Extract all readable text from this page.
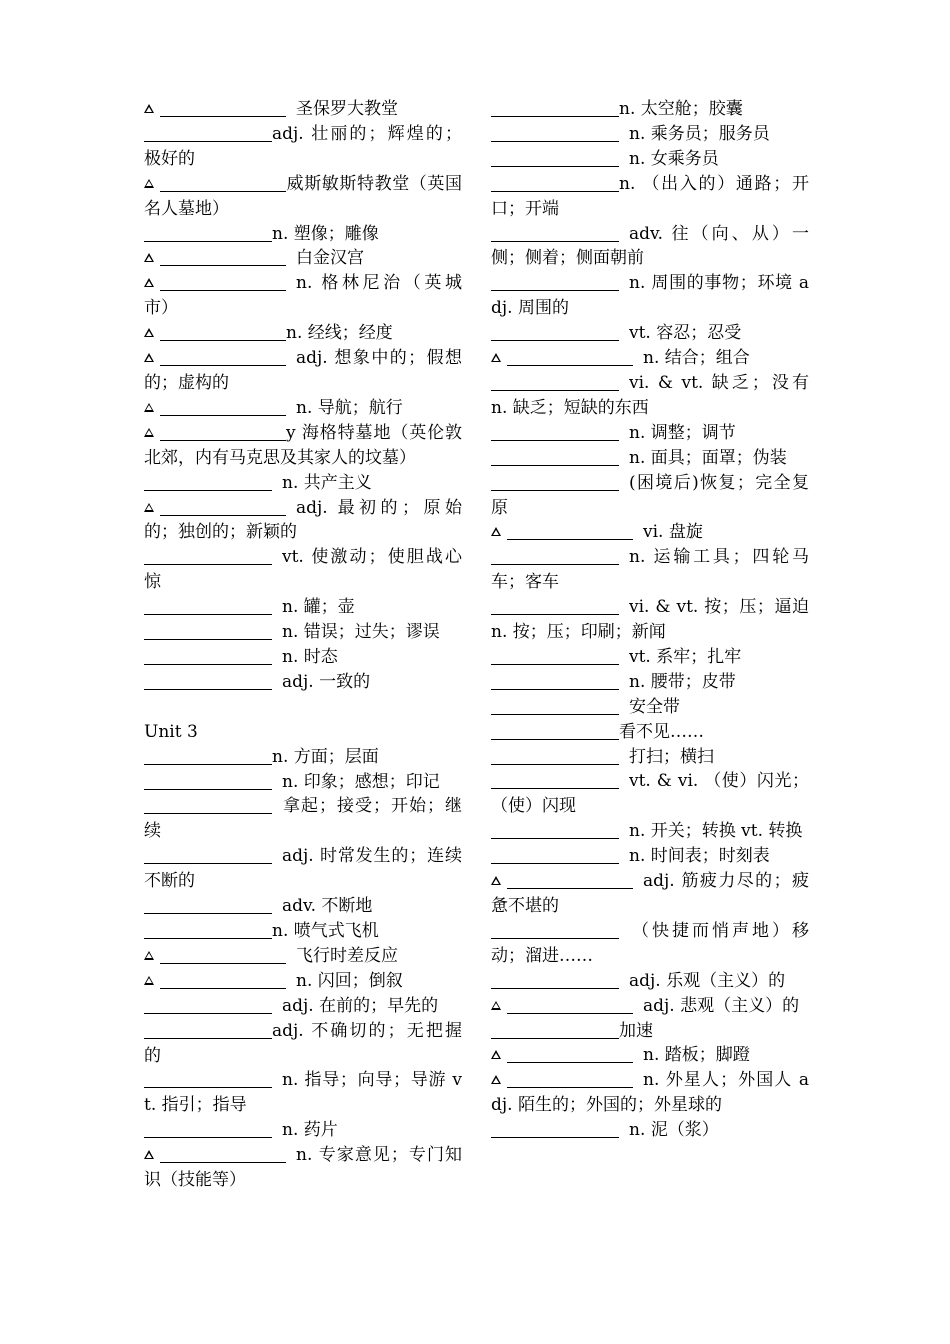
圣保罗大教堂
adj. 壮丽的；辉煌的；极好的
威斯敏斯特教堂（英国名人墓地）
n. 塑像；雕像
白金汉宫
n. 格林尼治（英城市）
n. 经线；经度
adj. 想象中的；假想的；虚构的
n. 导航；航行
y 海格特墓地（英伦敦北郊，内有马克思及其家人的坟墓）
n. 共产主义
adj. 最初的；原始的；独创的；新颖的
vt. 使激动；使胆战心惊
n. 罐；壶
n. 错误；过失；谬误
n. 时态
adj. 一致的
Unit 3
n. 方面；层面
n. 印象；感想；印记
拿起；接受；开始；继续
adj. 时常发生的；连续不断的
adv. 不断地
n. 喷气式飞机
飞行时差反应
n. 闪回；倒叙
adj. 在前的；早先的
adj. 不确切的；无把握的
n. 指导；向导；导游 vt. 指引；指导
n. 药片
n. 专家意见；专门知识（技能等）
n. 太空舱；胶囊
n. 乘务员；服务员
n. 女乘务员
n. （出入的）通路；开口；开端
adv. 往（向、从）一侧；侧着；侧面朝前
n. 周围的事物；环境 adj. 周围的
vt. 容忍；忍受
n. 结合；组合
vi. & vt. 缺乏；没有 n. 缺乏；短缺的东西
n. 调整；调节
n. 面具；面罩；伪装
(困境后)恢复；完全复原
vi. 盘旋
n. 运输工具；四轮马车；客车
vi. & vt. 按；压；逼迫 n. 按；压；印刷；新闻
vt. 系牢；扎牢
n. 腰带；皮带
安全带
看不见……
打扫；横扫
vt. & vi. （使）闪光；（使）闪现
n. 开关；转换 vt. 转换
n. 时间表；时刻表
adj. 筋疲力尽的；疲惫不堪的
（快捷而悄声地）移动；溜进……
adj. 乐观（主义）的
adj. 悲观（主义）的
加速
n. 踏板；脚蹬
n. 外星人；外国人 adj. 陌生的；外国的；外星球的
n. 泥（浆）
